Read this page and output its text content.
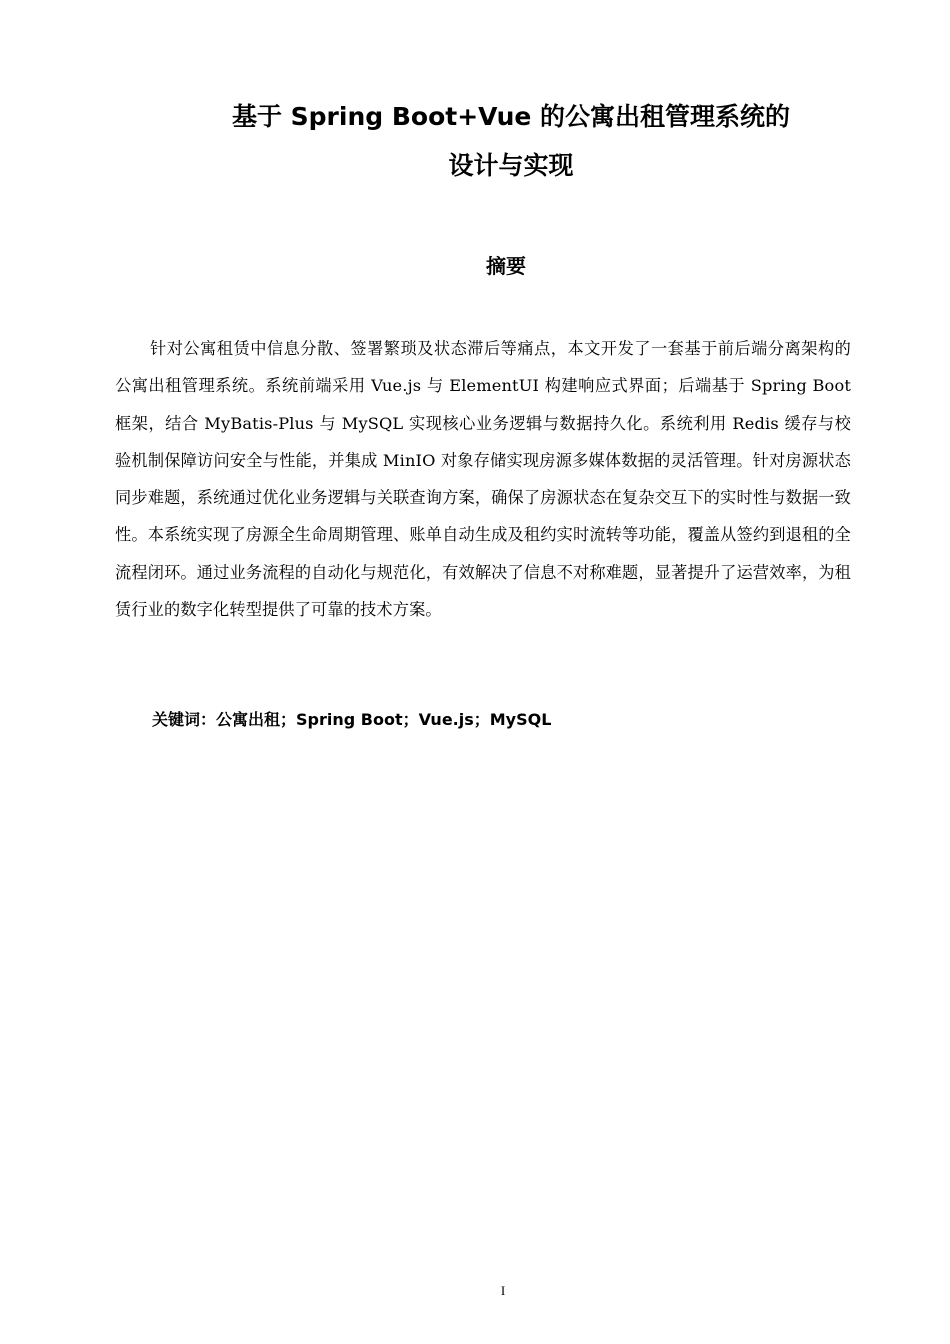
基于 Spring Boot+Vue 的公寓出租管理系统的
设计与实现
摘要

针对公寓租赁中信息分散、签署繁琐及状态滞后等痛点，本文开发了一套基于前后端分离架构的公寓出租管理系统。系统前端采用 Vue.js 与 ElementUI 构建响应式界面；后端基于 Spring Boot 框架，结合 MyBatis-Plus 与 MySQL 实现核心业务逻辑与数据持久化。系统利用 Redis 缓存与校验机制保障访问安全与性能，并集成 MinIO 对象存储实现房源多媒体数据的灵活管理。针对房源状态同步难题，系统通过优化业务逻辑与关联查询方案，确保了房源状态在复杂交互下的实时性与数据一致性。本系统实现了房源全生命周期管理、账单自动生成及租约实时流转等功能，覆盖从签约到退租的全流程闭环。通过业务流程的自动化与规范化，有效解决了信息不对称难题，显著提升了运营效率，为租赁行业的数字化转型提供了可靠的技术方案。

关键词：公寓出租；Spring Boot；Vue.js；MySQL
I
